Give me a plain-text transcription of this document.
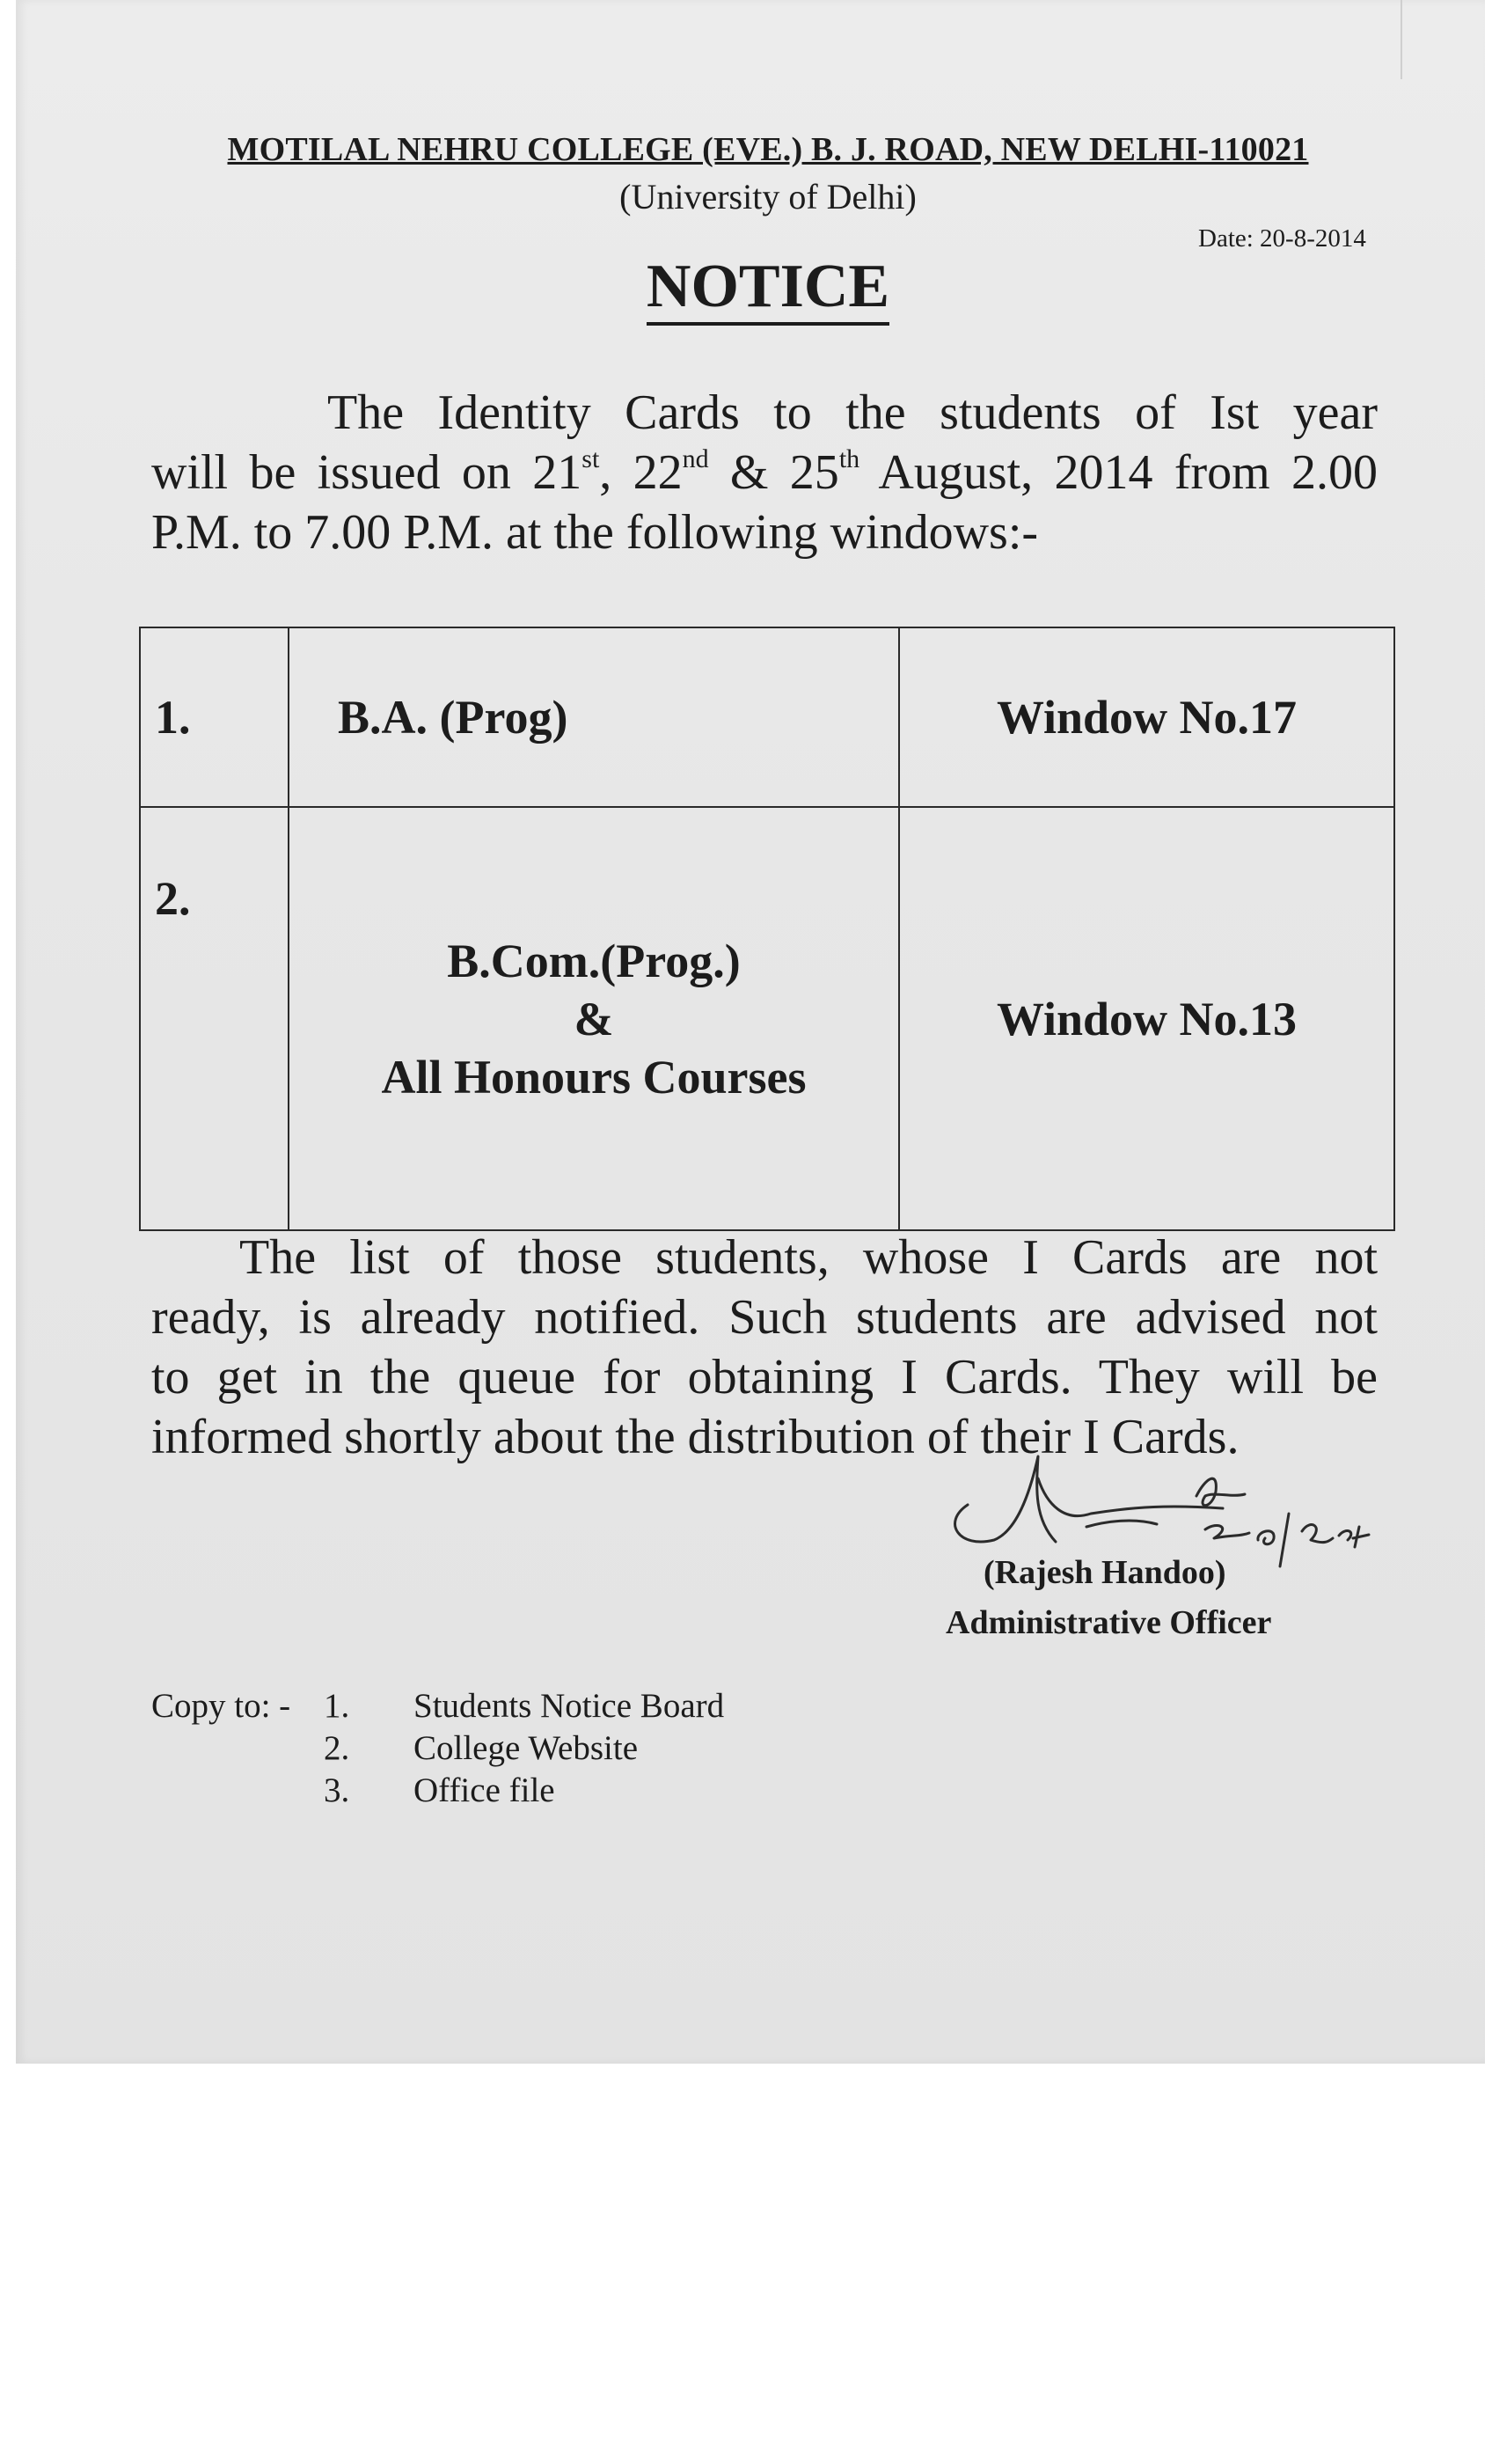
MOTILAL NEHRU COLLEGE (EVE.) B. J. ROAD, NEW DELHI-110021
(University of Delhi)
Date: 20-8-2014
NOTICE
The Identity Cards to the students of Ist year
will be issued on 21st, 22nd & 25th August, 2014 from 2.00
P.M. to 7.00 P.M. at the following windows:-
1.	B.A. (Prog)	Window No.17
2.	B.Com.(Prog.)
&
All Honours Courses	Window No.13
The list of those students, whose I Cards are not
ready, is already notified. Such students are advised not
to get in the queue for obtaining I Cards. They will be
informed shortly about the distribution of their I Cards.
(Rajesh Handoo)
Administrative Officer
Copy to: - 1. Students Notice Board
2. College Website
3. Office file
